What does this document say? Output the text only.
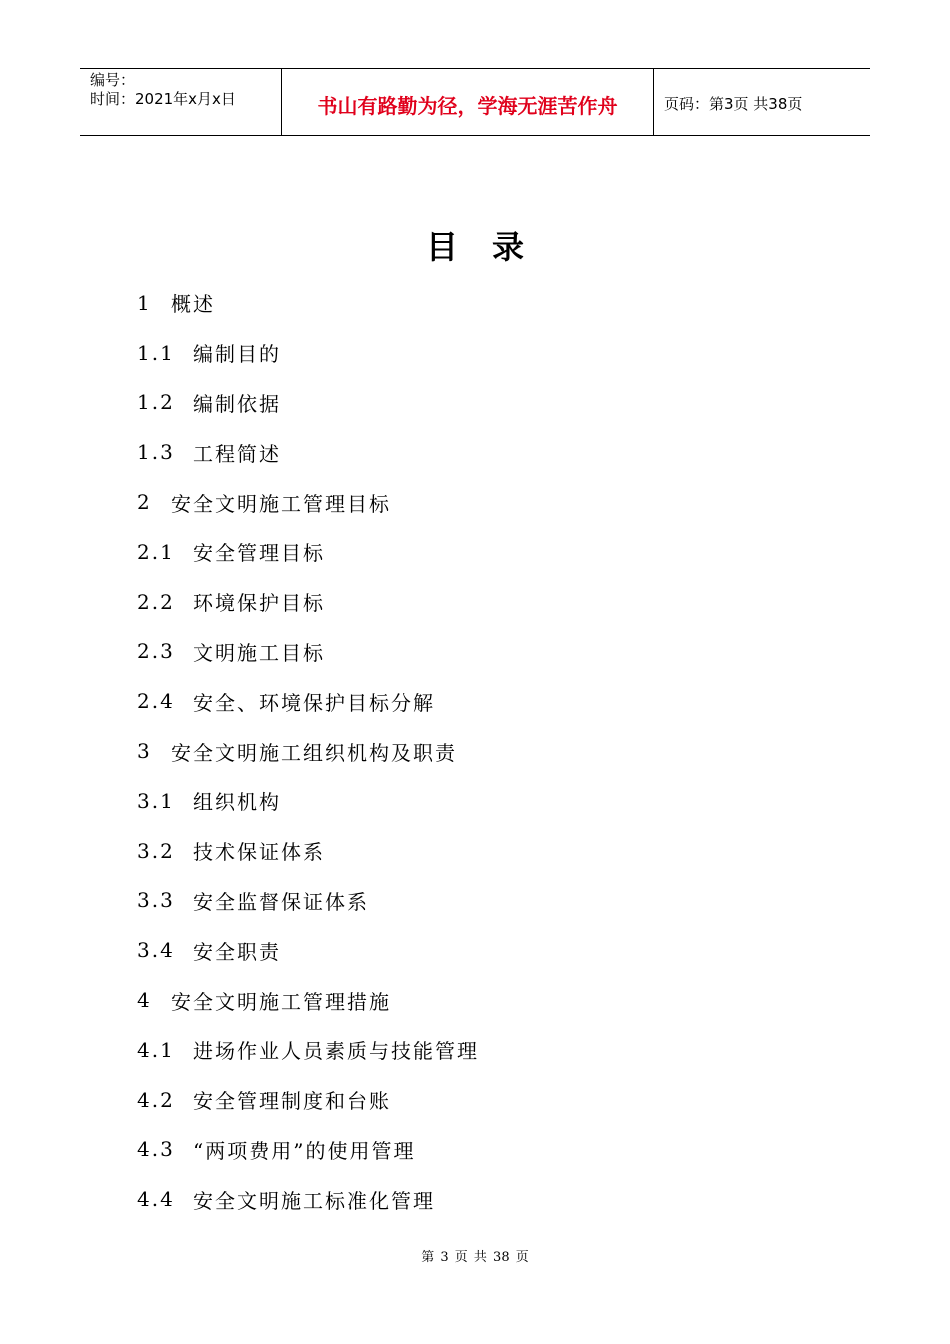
编号：
时间：2021年x月x日	书山有路勤为径，学海无涯苦作舟	页码：第3页 共38页
目录
1 概述
1.1 编制目的
1.2 编制依据
1.3 工程简述
2 安全文明施工管理目标
2.1 安全管理目标
2.2 环境保护目标
2.3 文明施工目标
2.4 安全、环境保护目标分解
3 安全文明施工组织机构及职责
3.1 组织机构
3.2 技术保证体系
3.3 安全监督保证体系
3.4 安全职责
4 安全文明施工管理措施
4.1 进场作业人员素质与技能管理
4.2 安全管理制度和台账
4.3 “两项费用”的使用管理
4.4 安全文明施工标准化管理
第 3 页 共 38 页
